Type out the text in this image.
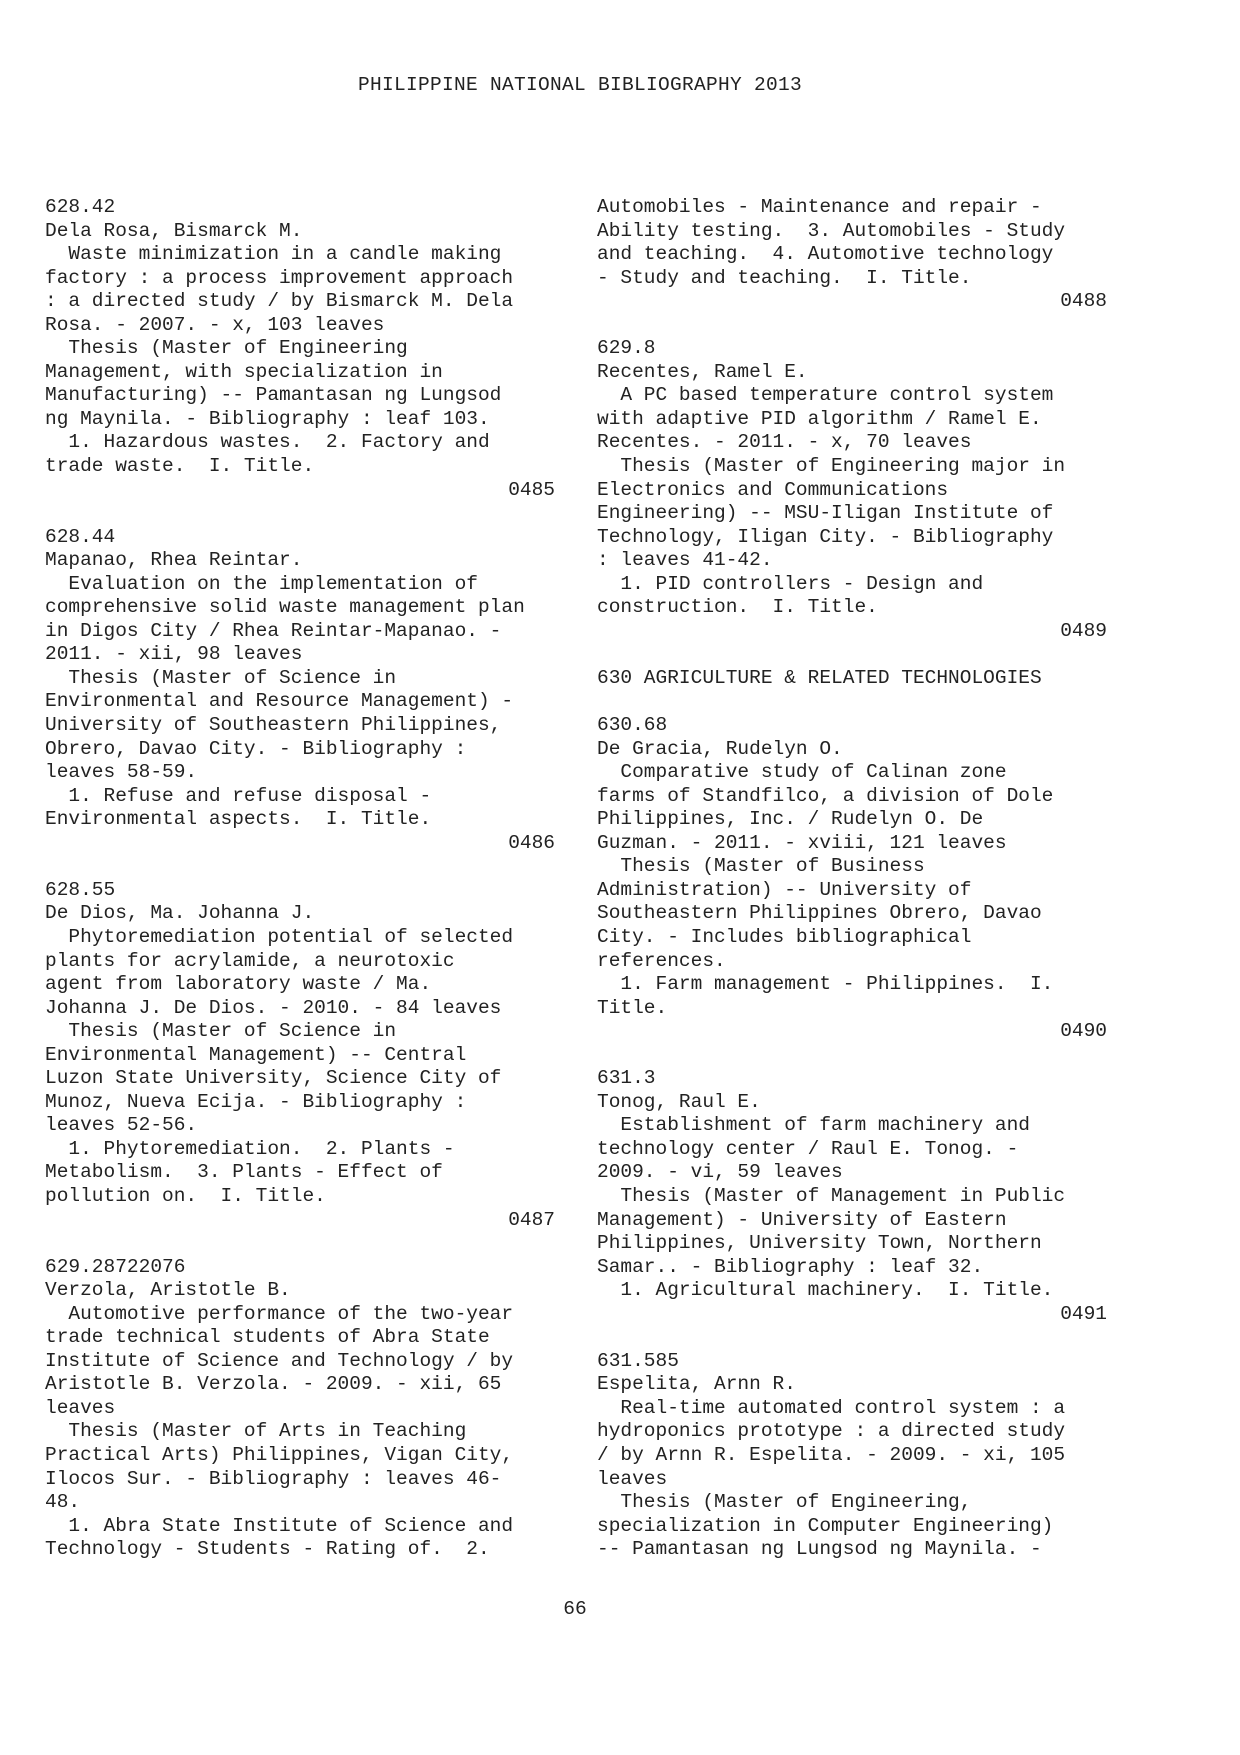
PHILIPPINE NATIONAL BIBLIOGRAPHY 2013
628.42
Dela Rosa, Bismarck M.
Waste minimization in a candle making
factory : a process improvement approach
: a directed study / by Bismarck M. Dela
Rosa. - 2007. - x, 103 leaves
Thesis (Master of Engineering
Management, with specialization in
Manufacturing) -- Pamantasan ng Lungsod
ng Maynila. - Bibliography : leaf 103.
1. Hazardous wastes.  2. Factory and
trade waste.  I. Title.
0485
628.44
Mapanao, Rhea Reintar.
Evaluation on the implementation of
comprehensive solid waste management plan
in Digos City / Rhea Reintar-Mapanao. -
2011. - xii, 98 leaves
Thesis (Master of Science in
Environmental and Resource Management) -
University of Southeastern Philippines,
Obrero, Davao City. - Bibliography :
leaves 58-59.
1. Refuse and refuse disposal -
Environmental aspects.  I. Title.
0486
628.55
De Dios, Ma. Johanna J.
Phytoremediation potential of selected
plants for acrylamide, a neurotoxic
agent from laboratory waste / Ma.
Johanna J. De Dios. - 2010. - 84 leaves
Thesis (Master of Science in
Environmental Management) -- Central
Luzon State University, Science City of
Munoz, Nueva Ecija. - Bibliography :
leaves 52-56.
1. Phytoremediation.  2. Plants -
Metabolism.  3. Plants - Effect of
pollution on.  I. Title.
0487
629.28722076
Verzola, Aristotle B.
Automotive performance of the two-year
trade technical students of Abra State
Institute of Science and Technology / by
Aristotle B. Verzola. - 2009. - xii, 65
leaves
Thesis (Master of Arts in Teaching
Practical Arts) Philippines, Vigan City,
Ilocos Sur. - Bibliography : leaves 46-
48.
1. Abra State Institute of Science and
Technology - Students - Rating of.  2.
Automobiles - Maintenance and repair -
Ability testing.  3. Automobiles - Study
and teaching.  4. Automotive technology
- Study and teaching.  I. Title.
0488
629.8
Recentes, Ramel E.
A PC based temperature control system
with adaptive PID algorithm / Ramel E.
Recentes. - 2011. - x, 70 leaves
Thesis (Master of Engineering major in
Electronics and Communications
Engineering) -- MSU-Iligan Institute of
Technology, Iligan City. - Bibliography
: leaves 41-42.
1. PID controllers - Design and
construction.  I. Title.
0489
630 AGRICULTURE & RELATED TECHNOLOGIES
630.68
De Gracia, Rudelyn O.
Comparative study of Calinan zone
farms of Standfilco, a division of Dole
Philippines, Inc. / Rudelyn O. De
Guzman. - 2011. - xviii, 121 leaves
Thesis (Master of Business
Administration) -- University of
Southeastern Philippines Obrero, Davao
City. - Includes bibliographical
references.
1. Farm management - Philippines.  I.
Title.
0490
631.3
Tonog, Raul E.
Establishment of farm machinery and
technology center / Raul E. Tonog. -
2009. - vi, 59 leaves
Thesis (Master of Management in Public
Management) - University of Eastern
Philippines, University Town, Northern
Samar.. - Bibliography : leaf 32.
1. Agricultural machinery.  I. Title.
0491
631.585
Espelita, Arnn R.
Real-time automated control system : a
hydroponics prototype : a directed study
/ by Arnn R. Espelita. - 2009. - xi, 105
leaves
Thesis (Master of Engineering,
specialization in Computer Engineering)
-- Pamantasan ng Lungsod ng Maynila. -
66
